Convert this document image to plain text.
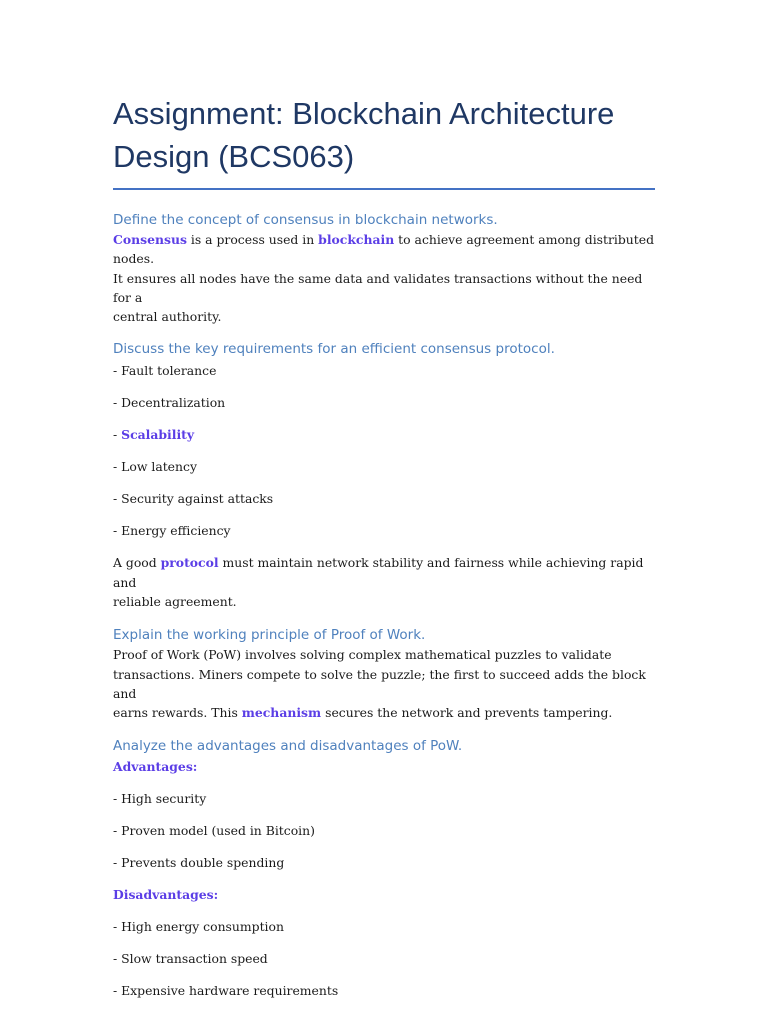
Assignment: Blockchain Architecture
Design (BCS063)
Define the concept of consensus in blockchain networks.

Consensus is a process used in blockchain to achieve agreement among distributed nodes.
It ensures all nodes have the same data and validates transactions without the need for a
central authority.

Discuss the key requirements for an efficient consensus protocol.

- Fault tolerance

- Decentralization

- Scalability

- Low latency

- Security against attacks

- Energy efficiency

A good protocol must maintain network stability and fairness while achieving rapid and
reliable agreement.

Explain the working principle of Proof of Work.

Proof of Work (PoW) involves solving complex mathematical puzzles to validate
transactions. Miners compete to solve the puzzle; the first to succeed adds the block and
earns rewards. This mechanism secures the network and prevents tampering.

Analyze the advantages and disadvantages of PoW.

Advantages:

- High security

- Proven model (used in Bitcoin)

- Prevents double spending

Disadvantages:

- High energy consumption

- Slow transaction speed

- Expensive hardware requirements
